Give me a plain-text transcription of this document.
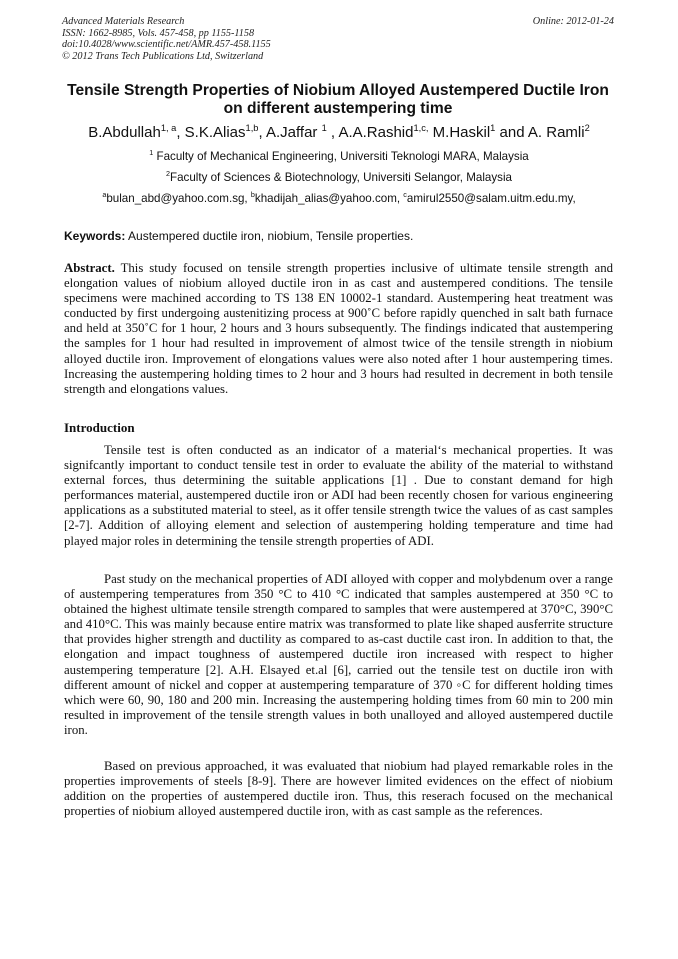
Advanced Materials Research
ISSN: 1662-8985, Vols. 457-458, pp 1155-1158
doi:10.4028/www.scientific.net/AMR.457-458.1155
© 2012 Trans Tech Publications Ltd, Switzerland
Online: 2012-01-24
Tensile Strength Properties of Niobium Alloyed Austempered Ductile Iron on different austempering time
B.Abdullah$^{1, a}$, S.K.Alias$^{1,b}$, A.Jaffar $^1$ , A.A.Rashid$^{1,c,}$ M.Haskil$^1$ and A. Ramli$^2$
$^1$ Faculty of Mechanical Engineering, Universiti Teknologi MARA, Malaysia
$^2$Faculty of Sciences & Biotechnology, Universiti Selangor, Malaysia
$^a$bulan_abd@yahoo.com.sg, $^b$khadijah_alias@yahoo.com, $^c$amirul2550@salam.uitm.edu.my,
Keywords: Austempered ductile iron, niobium, Tensile properties.
Abstract. This study focused on tensile strength properties inclusive of ultimate tensile strength and elongation values of niobium alloyed ductile iron in as cast and austempered conditions. The tensile specimens were machined according to TS 138 EN 10002-1 standard. Austempering heat treatment was conducted by first undergoing austenitizing process at 900˚C before rapidly quenched in salt bath furnace and held at 350˚C for 1 hour, 2 hours and 3 hours subsequently. The findings indicated that austempering the samples for 1 hour had resulted in improvement of almost twice of the tensile strength in niobium alloyed ductile iron. Improvement of elongations values were also noted after 1 hour austempering times. Increasing the austempering holding times to 2 hour and 3 hours had resulted in decrement in both tensile strength and elongations values.
Introduction
Tensile test is often conducted as an indicator of a material‘s mechanical properties. It was signifcantly important to conduct tensile test in order to evaluate the ability of the material to withstand external forces, thus determining the suitable applications [1] . Due to constant demand for high performances material, austempered ductile iron or ADI had been recently chosen for various engineering applications as a substituted material to steel, as it offer tensile strength twice the values of as cast samples [2-7]. Addition of alloying element and selection of austempering holding temperature and time had played major roles in determining the tensile strength properties of ADI.
Past study on the mechanical properties of ADI alloyed with copper and molybdenum over a range of austempering temperatures from 350 °C to 410 °C indicated that samples austempered at 350 °C to obtained the highest ultimate tensile strength compared to samples that were austempered at 370°C, 390°C and 410°C. This was mainly because entire matrix was transformed to plate like shaped ausferrite structure that provides higher strength and ductility as compared to as-cast ductile cast iron. In addition to that, the elongation and impact toughness of austempered ductile iron increased with respect to higher austempering temperature [2]. A.H. Elsayed et.al [6], carried out the tensile test on ductile iron with different amount of nickel and copper at austempering temparature of 370 ◦C for different holding times which were 60, 90, 180 and 200 min. Increasing the austempering holding times from 60 min to 200 min resulted in improvement of the tensile strength values in both unalloyed and alloyed austempered ductile iron.
Based on previous approached, it was evaluated that niobium had played remarkable roles in the properties improvements of steels [8-9]. There are however limited evidences on the effect of niobium addition on the properties of austempered ductile iron. Thus, this reserach focused on the mechanical properties of niobium alloyed austempered ductile iron, with as cast sample as the references.
